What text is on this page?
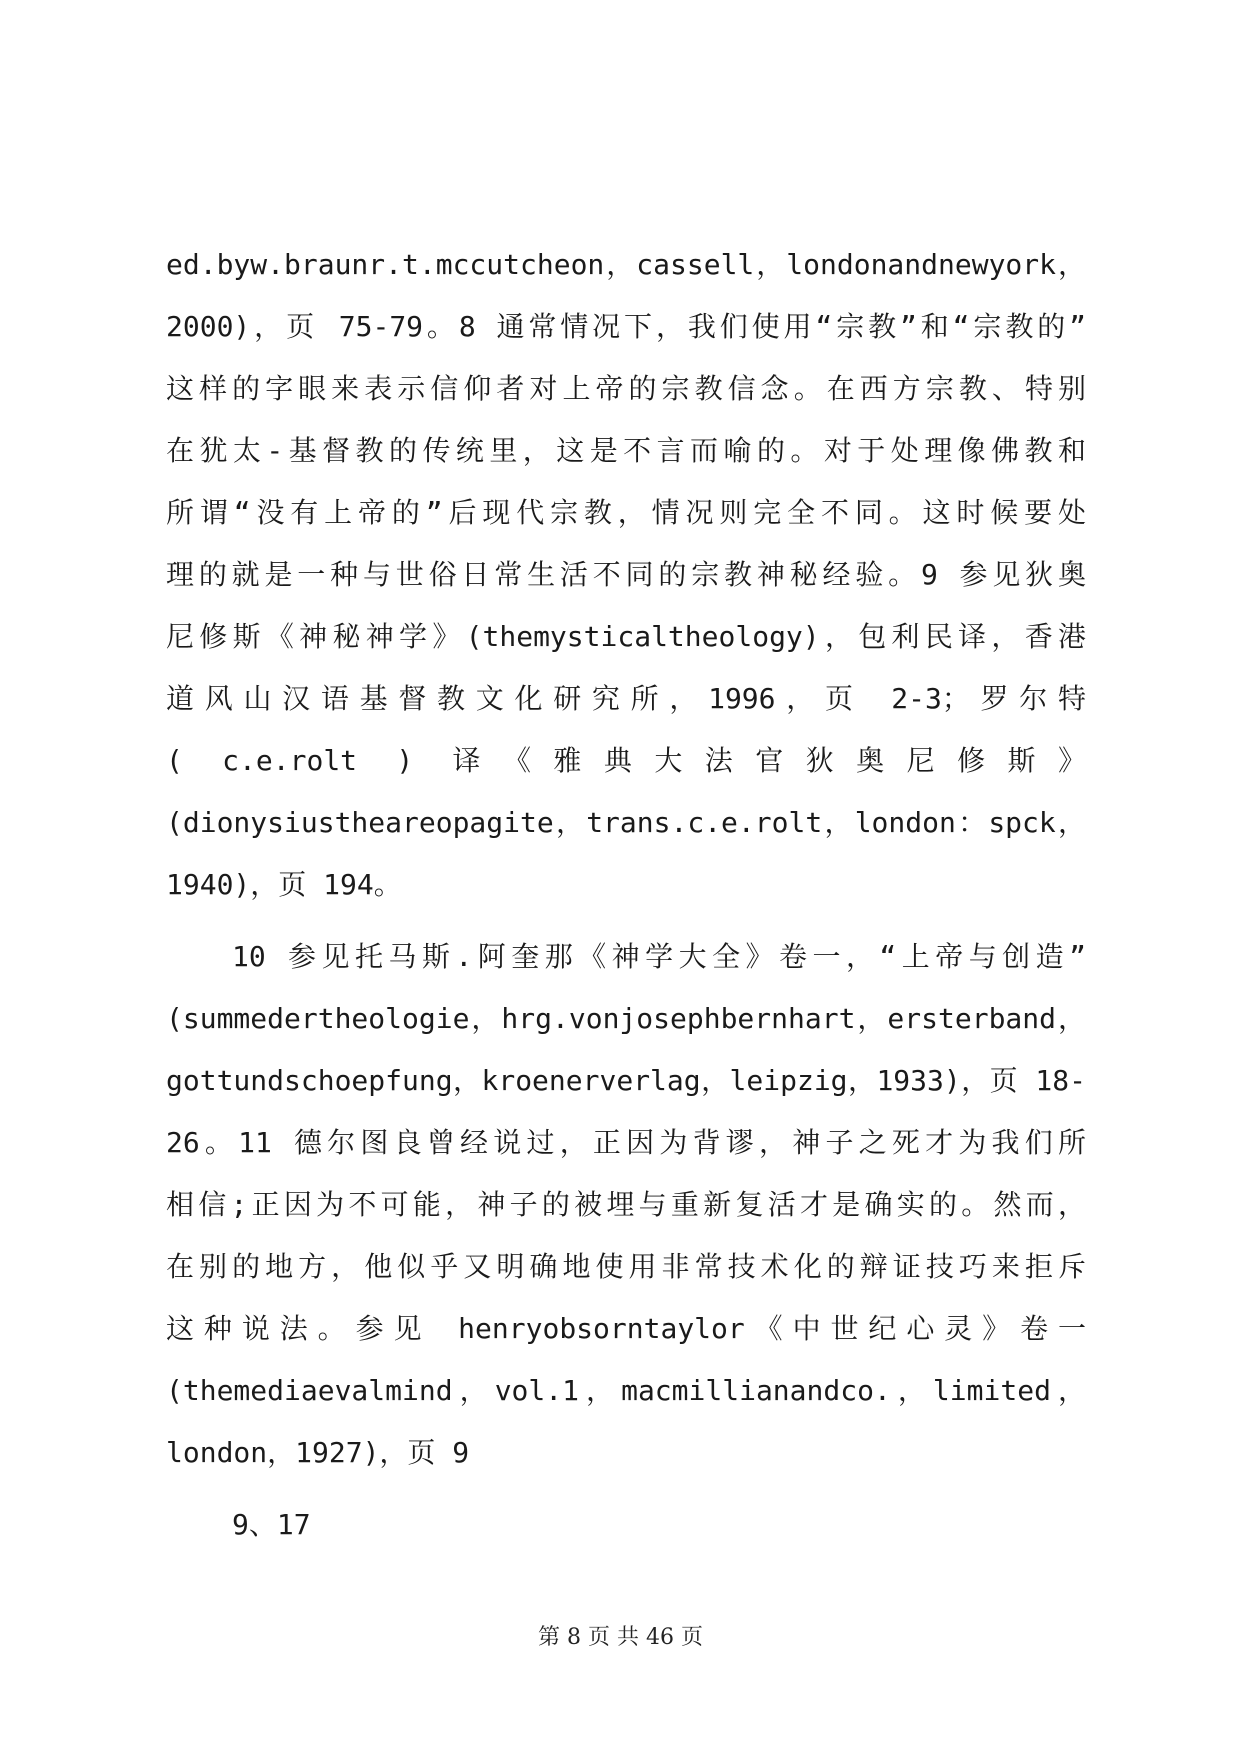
ed.byw.braunr.t.mccutcheon，cassell，londonandnewyork，
2000)，页 75-79。8 通常情况下，我们使用“宗教”和“宗教的”
这样的字眼来表示信仰者对上帝的宗教信念。在西方宗教、特别
在犹太-基督教的传统里，这是不言而喻的。对于处理像佛教和
所谓“没有上帝的”后现代宗教，情况则完全不同。这时候要处
理的就是一种与世俗日常生活不同的宗教神秘经验。9 参见狄奥
尼修斯《神秘神学》(themysticaltheology)，包利民译，香港
道风山汉语基督教文化研究所，1996，页 2-3；罗尔特
( c.e.rolt ) 译《雅典大法官狄奥尼修斯》
(dionysiustheareopagite，trans.c.e.rolt，london：spck，
1940)，页 194。
10 参见托马斯.阿奎那《神学大全》卷一，“上帝与创造”
(summedertheologie，hrg.vonjosephbernhart，ersterband，
gottundschoepfung，kroenerverlag，leipzig，1933)，页 18-
26。11 德尔图良曾经说过，正因为背谬，神子之死才为我们所
相信;正因为不可能，神子的被埋与重新复活才是确实的。然而，
在别的地方，他似乎又明确地使用非常技术化的辩证技巧来拒斥
这种说法。参见 henryobsorntaylor《中世纪心灵》卷一
(themediaevalmind，vol.1，macmillianandco.，limited，
london，1927)，页 9
9、17
第 8 页 共 46 页
